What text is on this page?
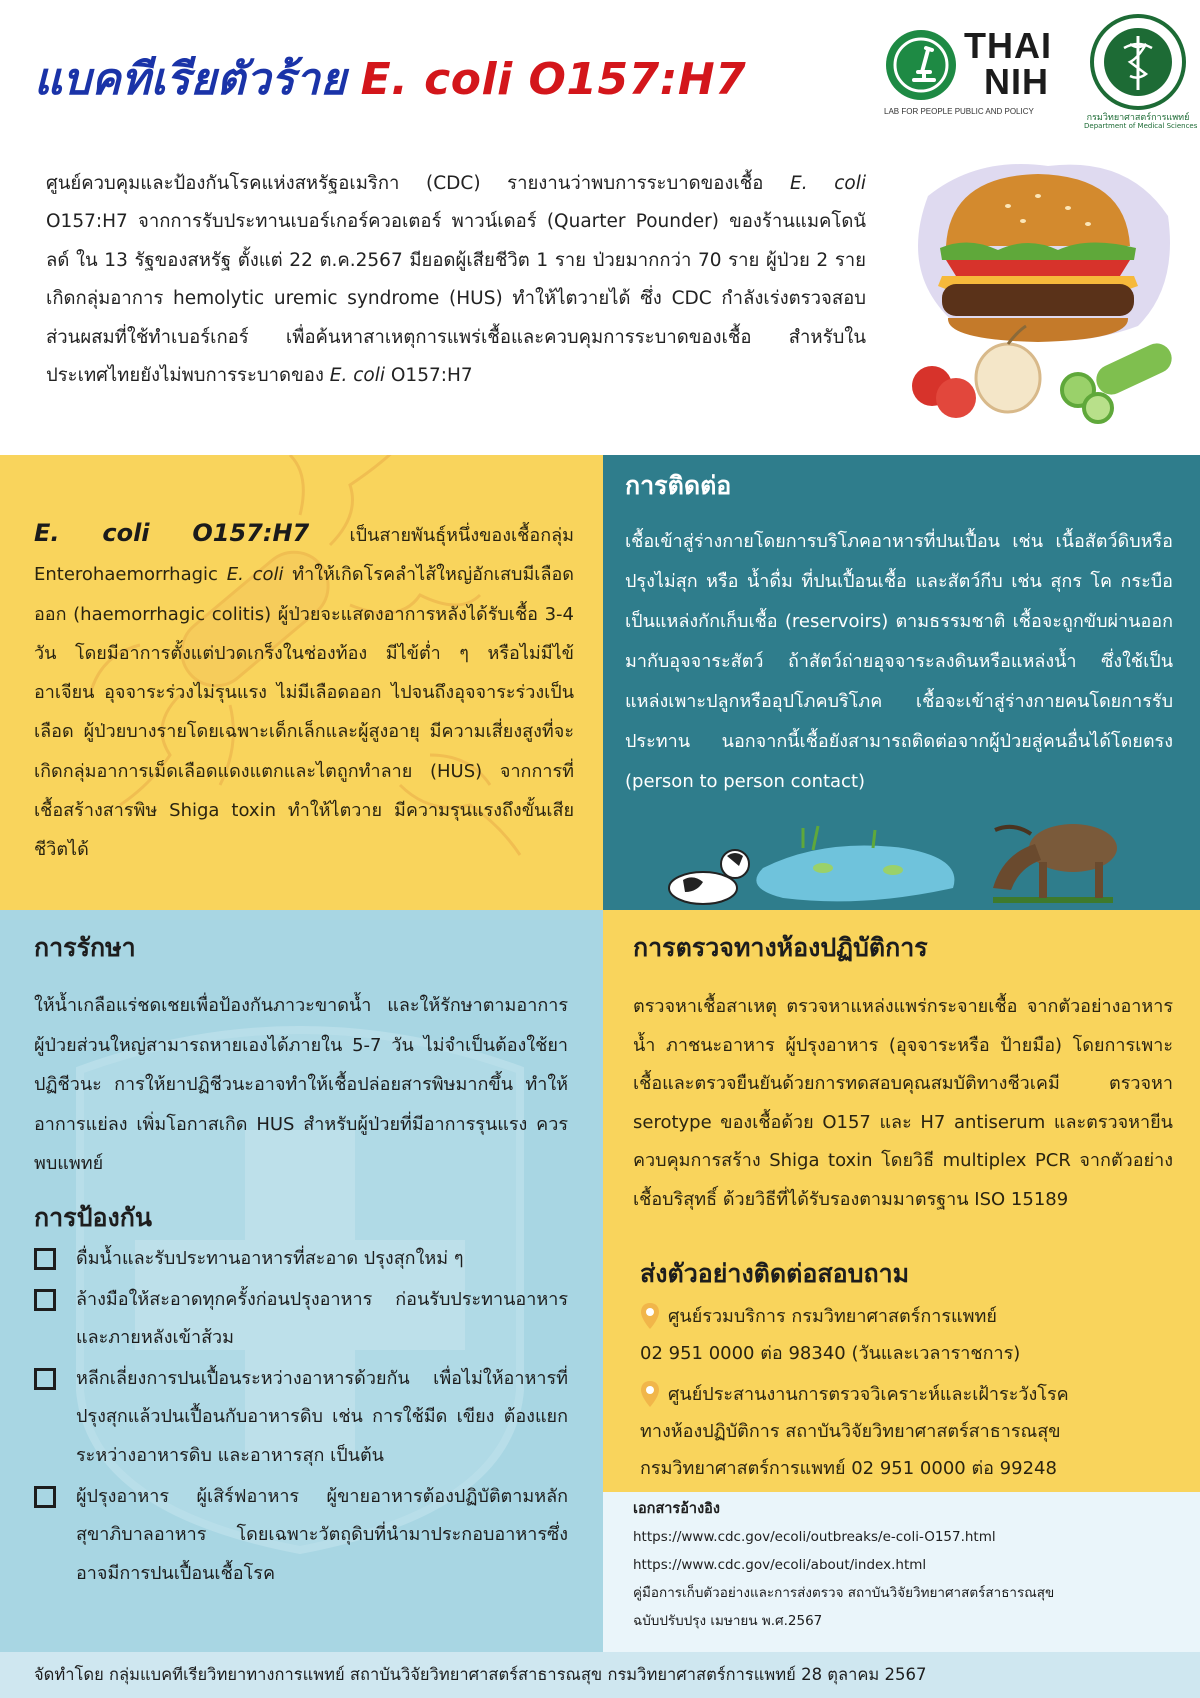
แบคทีเรียตัวร้าย E. coli O157:H7
THAI
NIH
LAB FOR PEOPLE PUBLIC AND POLICY
กรมวิทยาศาสตร์การแพทย์
Department of Medical Sciences

ศูนย์ควบคุมและป้องกันโรคแห่งสหรัฐอเมริกา (CDC) รายงานว่าพบการระบาดของเชื้อ E. coli O157:H7 จากการรับประทานเบอร์เกอร์ควอเตอร์ พาวน์เดอร์ (Quarter Pounder) ของร้านแมคโดนัลด์ ใน 13 รัฐของสหรัฐ ตั้งแต่ 22 ต.ค.2567 มียอดผู้เสียชีวิต 1 ราย ป่วยมากกว่า 70 ราย ผู้ป่วย 2 รายเกิดกลุ่มอาการ hemolytic uremic syndrome (HUS) ทำให้ไตวายได้ ซึ่ง CDC กำลังเร่งตรวจสอบส่วนผสมที่ใช้ทำเบอร์เกอร์ เพื่อค้นหาสาเหตุการแพร่เชื้อและควบคุมการระบาดของเชื้อ สำหรับในประเทศไทยยังไม่พบการระบาดของ E. coli O157:H7

E. coli O157:H7 เป็นสายพันธุ์หนึ่งของเชื้อกลุ่ม Enterohaemorrhagic E. coli ทำให้เกิดโรคลำไส้ใหญ่อักเสบมีเลือดออก (haemorrhagic colitis) ผู้ป่วยจะแสดงอาการหลังได้รับเชื้อ 3-4 วัน โดยมีอาการตั้งแต่ปวดเกร็งในช่องท้อง มีไข้ต่ำ ๆ หรือไม่มีไข้ อาเจียน อุจจาระร่วงไม่รุนแรง ไม่มีเลือดออก ไปจนถึงอุจจาระร่วงเป็นเลือด ผู้ป่วยบางรายโดยเฉพาะเด็กเล็กและผู้สูงอายุ มีความเสี่ยงสูงที่จะเกิดกลุ่มอาการเม็ดเลือดแดงแตกและไตถูกทำลาย (HUS) จากการที่เชื้อสร้างสารพิษ Shiga toxin ทำให้ไตวาย มีความรุนแรงถึงขั้นเสียชีวิตได้

การติดต่อ

เชื้อเข้าสู่ร่างกายโดยการบริโภคอาหารที่ปนเปื้อน เช่น เนื้อสัตว์ดิบหรือปรุงไม่สุก หรือ น้ำดื่ม ที่ปนเปื้อนเชื้อ และสัตว์กีบ เช่น สุกร โค กระบือ เป็นแหล่งกักเก็บเชื้อ (reservoirs) ตามธรรมชาติ เชื้อจะถูกขับผ่านออกมากับอุจจาระสัตว์ ถ้าสัตว์ถ่ายอุจจาระลงดินหรือแหล่งน้ำ ซึ่งใช้เป็นแหล่งเพาะปลูกหรืออุปโภคบริโภค เชื้อจะเข้าสู่ร่างกายคนโดยการรับประทาน นอกจากนี้เชื้อยังสามารถติดต่อจากผู้ป่วยสู่คนอื่นได้โดยตรง (person to person contact)

การรักษา

ให้น้ำเกลือแร่ชดเชยเพื่อป้องกันภาวะขาดน้ำ และให้รักษาตามอาการ ผู้ป่วยส่วนใหญ่สามารถหายเองได้ภายใน 5-7 วัน ไม่จำเป็นต้องใช้ยาปฏิชีวนะ การให้ยาปฏิชีวนะอาจทำให้เชื้อปล่อยสารพิษมากขึ้น ทำให้อาการแย่ลง เพิ่มโอกาสเกิด HUS สำหรับผู้ป่วยที่มีอาการรุนแรง ควรพบแพทย์

การป้องกัน
ดื่มน้ำและรับประทานอาหารที่สะอาด ปรุงสุกใหม่ ๆ
ล้างมือให้สะอาดทุกครั้งก่อนปรุงอาหาร ก่อนรับประทานอาหาร และภายหลังเข้าส้วม
หลีกเลี่ยงการปนเปื้อนระหว่างอาหารด้วยกัน เพื่อไม่ให้อาหารที่ปรุงสุกแล้วปนเปื้อนกับอาหารดิบ เช่น การใช้มีด เขียง ต้องแยกระหว่างอาหารดิบ และอาหารสุก เป็นต้น
ผู้ปรุงอาหาร ผู้เสิร์ฟอาหาร ผู้ขายอาหารต้องปฏิบัติตามหลักสุขาภิบาลอาหาร โดยเฉพาะวัตถุดิบที่นำมาประกอบอาหารซึ่งอาจมีการปนเปื้อนเชื้อโรค
การตรวจทางห้องปฏิบัติการ

ตรวจหาเชื้อสาเหตุ ตรวจหาแหล่งแพร่กระจายเชื้อ จากตัวอย่างอาหาร น้ำ ภาชนะอาหาร ผู้ปรุงอาหาร (อุจจาระหรือ ป้ายมือ) โดยการเพาะเชื้อและตรวจยืนยันด้วยการทดสอบคุณสมบัติทางชีวเคมี ตรวจหา serotype ของเชื้อด้วย O157 และ H7 antiserum และตรวจหายีนควบคุมการสร้าง Shiga toxin โดยวิธี multiplex PCR จากตัวอย่างเชื้อบริสุทธิ์ ด้วยวิธีที่ได้รับรองตามมาตรฐาน ISO 15189

ส่งตัวอย่างติดต่อสอบถาม
ศูนย์รวมบริการ กรมวิทยาศาสตร์การแพทย์
02 951 0000 ต่อ 98340 (วันและเวลาราชการ)
ศูนย์ประสานงานการตรวจวิเคราะห์และเฝ้าระวังโรค
ทางห้องปฏิบัติการ สถาบันวิจัยวิทยาศาสตร์สาธารณสุข
กรมวิทยาศาสตร์การแพทย์ 02 951 0000 ต่อ 99248
เอกสารอ้างอิง
https://www.cdc.gov/ecoli/outbreaks/e-coli-O157.html
https://www.cdc.gov/ecoli/about/index.html
คู่มือการเก็บตัวอย่างและการส่งตรวจ สถาบันวิจัยวิทยาศาสตร์สาธารณสุข
ฉบับปรับปรุง เมษายน พ.ศ.2567
จัดทำโดย กลุ่มแบคทีเรียวิทยาทางการแพทย์ สถาบันวิจัยวิทยาศาสตร์สาธารณสุข กรมวิทยาศาสตร์การแพทย์ 28 ตุลาคม 2567
